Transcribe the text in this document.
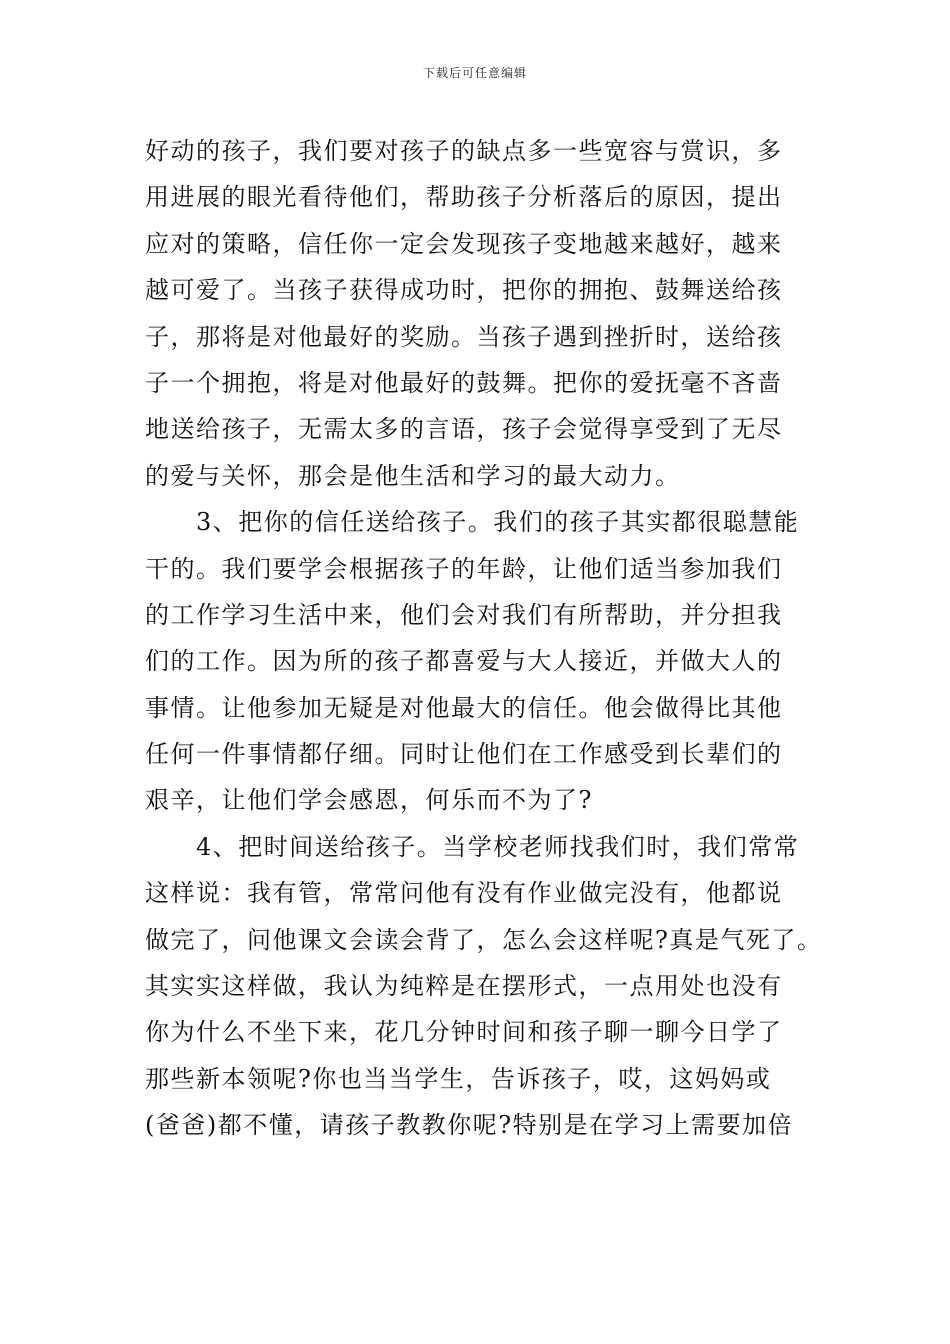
下载后可任意编辑
好动的孩子，我们要对孩子的缺点多一些宽容与赏识，多
用进展的眼光看待他们，帮助孩子分析落后的原因，提出
应对的策略，信任你一定会发现孩子变地越来越好，越来
越可爱了。当孩子获得成功时，把你的拥抱、鼓舞送给孩
子，那将是对他最好的奖励。当孩子遇到挫折时，送给孩
子一个拥抱，将是对他最好的鼓舞。把你的爱抚毫不吝啬
地送给孩子，无需太多的言语，孩子会觉得享受到了无尽
的爱与关怀，那会是他生活和学习的最大动力。
　　3、把你的信任送给孩子。我们的孩子其实都很聪慧能
干的。我们要学会根据孩子的年龄，让他们适当参加我们
的工作学习生活中来，他们会对我们有所帮助，并分担我
们的工作。因为所的孩子都喜爱与大人接近，并做大人的
事情。让他参加无疑是对他最大的信任。他会做得比其他
任何一件事情都仔细。同时让他们在工作感受到长辈们的
艰辛，让他们学会感恩，何乐而不为了?
　　4、把时间送给孩子。当学校老师找我们时，我们常常
这样说：我有管，常常问他有没有作业做完没有，他都说
做完了，问他课文会读会背了，怎么会这样呢?真是气死了。
其实实这样做，我认为纯粹是在摆形式，一点用处也没有
你为什么不坐下来，花几分钟时间和孩子聊一聊今日学了
那些新本领呢?你也当当学生，告诉孩子，哎，这妈妈或
(爸爸)都不懂，请孩子教教你呢?特别是在学习上需要加倍
